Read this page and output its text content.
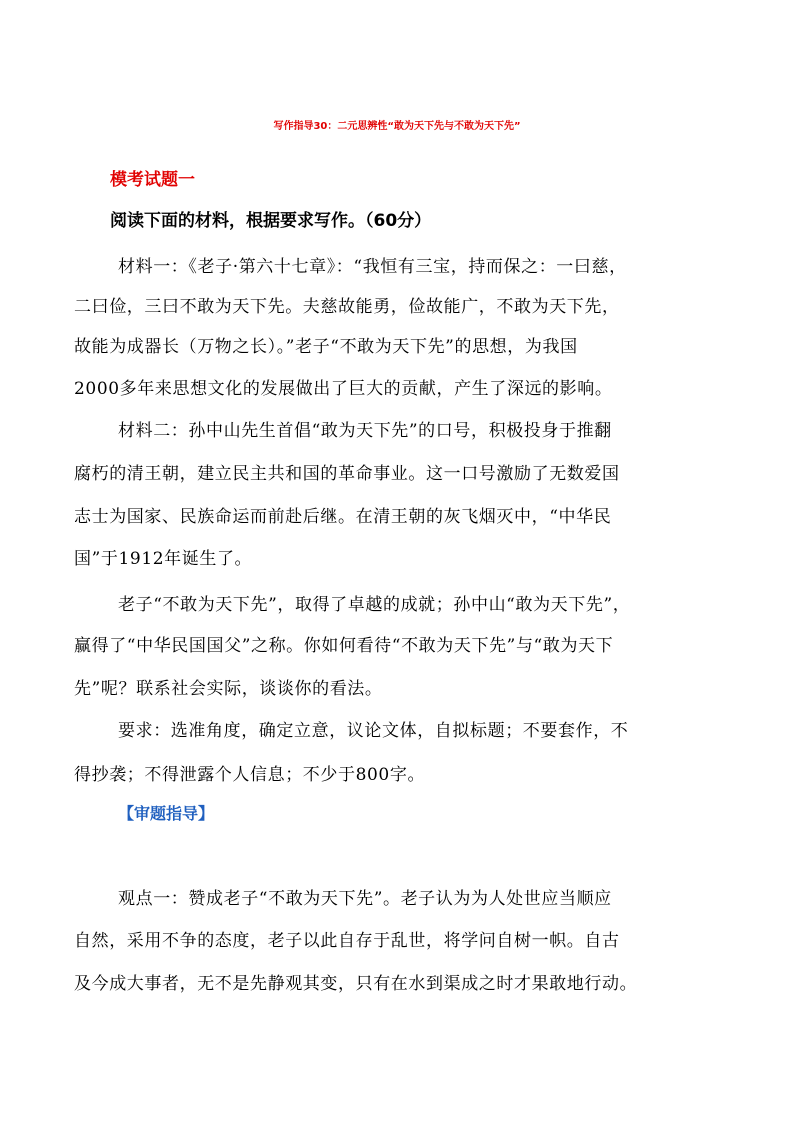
写作指导30：二元思辨性“敢为天下先与不敢为天下先”
模考试题一
阅读下面的材料，根据要求写作。（60分）
材料一：《老子·第六十七章》：“我恒有三宝，持而保之：一曰慈，
二曰俭，三曰不敢为天下先。夫慈故能勇，俭故能广，不敢为天下先，
故能为成器长（万物之长）。”老子“不敢为天下先”的思想，为我国
2000多年来思想文化的发展做出了巨大的贡献，产生了深远的影响。
材料二：孙中山先生首倡“敢为天下先”的口号，积极投身于推翻
腐朽的清王朝，建立民主共和国的革命事业。这一口号激励了无数爱国
志士为国家、民族命运而前赴后继。在清王朝的灰飞烟灭中，“中华民
国”于1912年诞生了。
老子“不敢为天下先”，取得了卓越的成就；孙中山“敢为天下先”，
赢得了“中华民国国父”之称。你如何看待“不敢为天下先”与“敢为天下
先”呢？联系社会实际，谈谈你的看法。
要求：选准角度，确定立意，议论文体，自拟标题；不要套作，不
得抄袭；不得泄露个人信息；不少于800字。
【审题指导】
观点一：赞成老子“不敢为天下先”。老子认为为人处世应当顺应
自然，采用不争的态度，老子以此自存于乱世，将学问自树一帜。自古
及今成大事者，无不是先静观其变，只有在水到渠成之时才果敢地行动。
